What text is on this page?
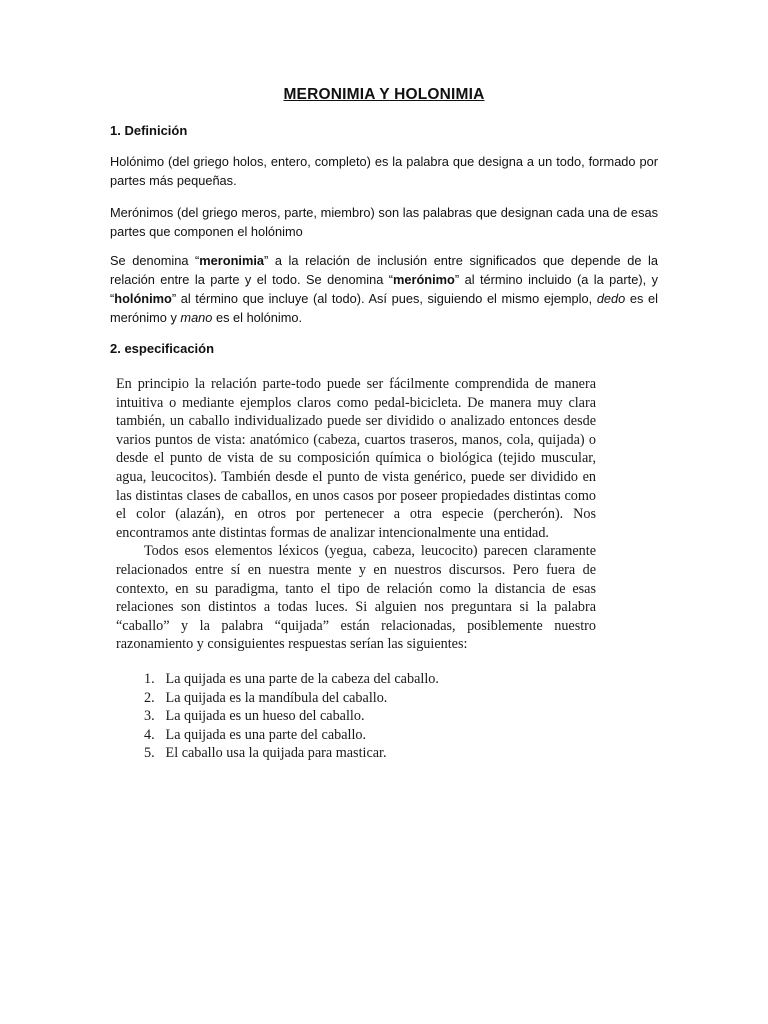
MERONIMIA Y HOLONIMIA
1. Definición
Holónimo (del griego holos, entero, completo) es la palabra que designa a un todo, formado por partes más pequeñas.
Merónimos (del griego meros, parte, miembro) son las palabras que designan cada una de esas partes que componen el holónimo
Se denomina “meronimia” a la relación de inclusión entre significados que depende de la relación entre la parte y el todo. Se denomina “merónimo” al término incluido (a la parte), y “holónimo” al término que incluye (al todo). Así pues, siguiendo el mismo ejemplo, dedo es el merónimo y mano es el holónimo.
2. especificación

En principio la relación parte-todo puede ser fácilmente comprendida de manera intuitiva o mediante ejemplos claros como pedal-bicicleta. De manera muy clara también, un caballo individualizado puede ser dividido o analizado entonces desde varios puntos de vista: anatómico (cabeza, cuartos traseros, manos, cola, quijada) o desde el punto de vista de su composición química o biológica (tejido muscular, agua, leucocitos). También desde el punto de vista genérico, puede ser dividido en las distintas clases de caballos, en unos casos por poseer propiedades distintas como el color (alazán), en otros por pertenecer a otra especie (percherón). Nos encontramos ante distintas formas de analizar intencionalmente una entidad.

Todos esos elementos léxicos (yegua, cabeza, leucocito) parecen claramente relacionados entre sí en nuestra mente y en nuestros discursos. Pero fuera de contexto, en su paradigma, tanto el tipo de relación como la distancia de esas relaciones son distintos a todas luces. Si alguien nos preguntara si la palabra “caballo” y la palabra “quijada” están relacionadas, posiblemente nuestro razonamiento y consiguientes respuestas serían las siguientes:

1. La quijada es una parte de la cabeza del caballo.
2. La quijada es la mandíbula del caballo.
3. La quijada es un hueso del caballo.
4. La quijada es una parte del caballo.
5. El caballo usa la quijada para masticar.
